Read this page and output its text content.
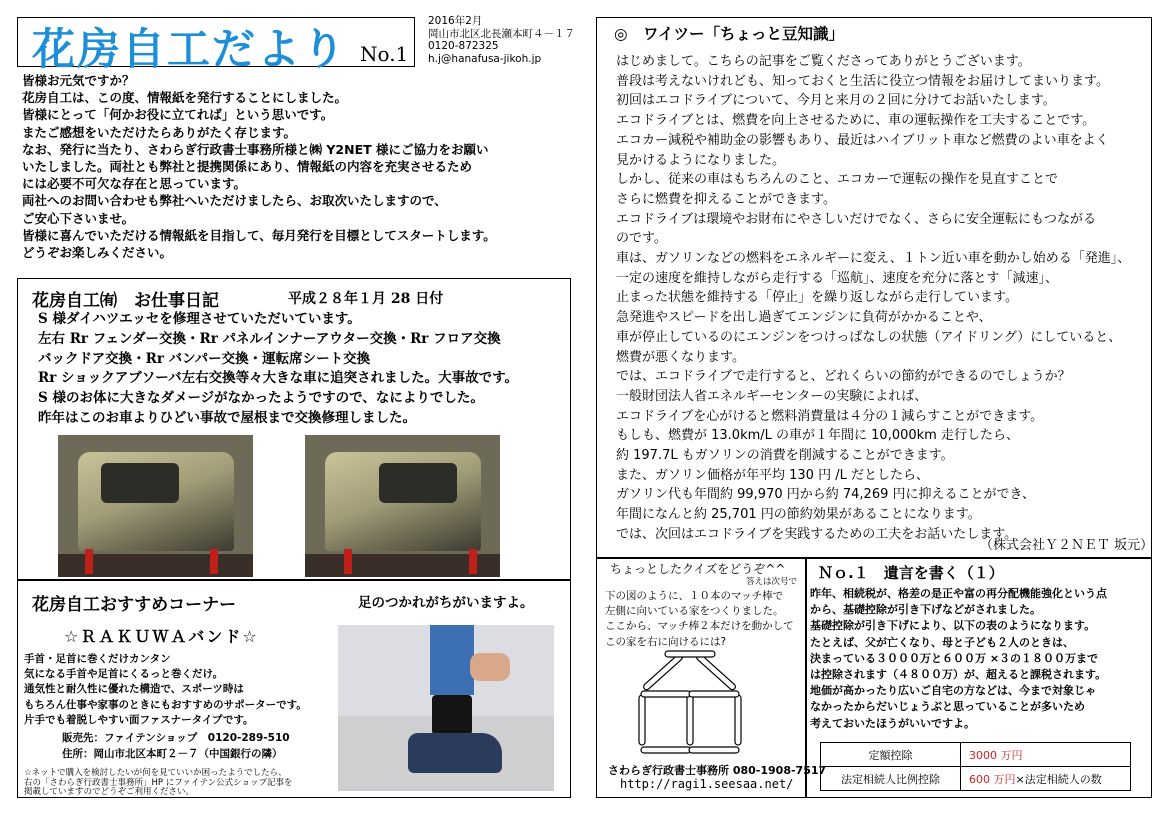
花房自工だより No.1
2016年2月
岡山市北区北長瀬本町４－１７
0120-872325
h.j@hanafusa-jikoh.jp
皆様お元気ですか？
花房自工は、この度、情報紙を発行することにしました。
皆様にとって「何かお役に立てれば」という思いです。
またご感想をいただけたらありがたく存じます。
なお、発行に当たり、さわらぎ行政書士事務所様と㈱ Y2NET 様にご協力をお願い
いたしました。両社とも弊社と提携関係にあり、情報紙の内容を充実させるため
には必要不可欠な存在と思っています。
両社へのお問い合わせも弊社へいただけましたら、お取次いたしますので、
ご安心下さいませ。
皆様に喜んでいただける情報紙を目指して、毎月発行を目標としてスタートします。
どうぞお楽しみください。
花房自工㈲　お仕事日記	平成２８年１月 28 日付
S 様ダイハツエッセを修理させていただいています。
左右 Rr フェンダー交換・Rr パネルインナーアウター交換・Rr フロア交換
バックドア交換・Rr バンパー交換・運転席シート交換
Rr ショックアブソーバ左右交換等々大きな車に追突されました。大事故です。
S 様のお体に大きなダメージがなかったようですので、なによりでした。
昨年はこのお車よりひどい事故で屋根まで交換修理しました。
花房自工おすすめコーナー	足のつかれがちがいますよ。
☆ＲＡＫＵＷＡバンド☆
手首・足首に巻くだけカンタン
気になる手首や足首にくるっと巻くだけ。
通気性と耐久性に優れた構造で、スポーツ時は
もちろん仕事や家事のときにもおすすめのサポーターです。
片手でも着脱しやすい面ファスナータイプです。
販売先：ファイテンショップ　0120-289-510
住所：岡山市北区本町２－７（中国銀行の隣）
☆ネットで購入を検討したいが何を見ていいか困ったようでしたら、
右の「さわらぎ行政書士事務所」HP にファイテン公式ショップ記事を
掲載していますのでどうぞご利用ください。
◎　ワイツー「ちょっと豆知識」
はじめまして。こちらの記事をご覧くださってありがとうございます。
普段は考えないけれども、知っておくと生活に役立つ情報をお届けしてまいります。
初回はエコドライブについて、今月と来月の２回に分けてお話いたします。
エコドライブとは、燃費を向上させるために、車の運転操作を工夫することです。
エコカー減税や補助金の影響もあり、最近はハイブリット車など燃費のよい車をよく
見かけるようになりました。
しかし、従来の車はもちろんのこと、エコカーで運転の操作を見直すことで
さらに燃費を抑えることができます。
エコドライブは環境やお財布にやさしいだけでなく、さらに安全運転にもつながる
のです。
車は、ガソリンなどの燃料をエネルギーに変え、１トン近い車を動かし始める「発進」、
一定の速度を維持しながら走行する「巡航」、速度を充分に落とす「減速」、
止まった状態を維持する「停止」を繰り返しながら走行しています。
急発進やスピードを出し過ぎてエンジンに負荷がかかることや、
車が停止しているのにエンジンをつけっぱなしの状態（アイドリング）にしていると、
燃費が悪くなります。
では、エコドライブで走行すると、どれくらいの節約ができるのでしょうか？
一般財団法人省エネルギーセンターの実験によれば、
エコドライブを心がけると燃料消費量は４分の１減らすことができます。
もしも、燃費が 13.0km/L の車が１年間に 10,000km 走行したら、
約 197.7L もガソリンの消費を削減することができます。
また、ガソリン価格が年平均 130 円 /L だとしたら、
ガソリン代も年間約 99,970 円から約 74,269 円に抑えることができ、
年間になんと約 25,701 円の節約効果があることになります。
では、次回はエコドライブを実践するための工夫をお話いたします。
（株式会社Ｙ２ＮＥＴ 坂元）
ちょっとしたクイズをどうぞ^^
答えは次号で
下の図のように、１０本のマッチ棒で
左側に向いている家をつくりました。
ここから、マッチ棒２本だけを動かして
この家を右に向けるには?
さわらぎ行政書士事務所 080-1908-7517
http://ragi1.seesaa.net/
Ｎｏ.１　遺言を書く（１）
昨年、相続税が、格差の是正や富の再分配機能強化という点
から、基礎控除が引き下げなどがされました。
基礎控除が引き下げにより、以下の表のようになります。
たとえば、父が亡くなり、母と子ども２人のときは、
決まっている３０００万と６００万 ×３の１８００万まで
は控除されます（４８００万）が、超えると課税されます。
地価が高かったり広いご自宅の方などは、今まで対象じゃ
なかったからだいじょうぶと思っていることが多いため
考えておいたほうがいいですよ。
定額控除	3000 万円
法定相続人比例控除	600 万円×法定相続人の数
